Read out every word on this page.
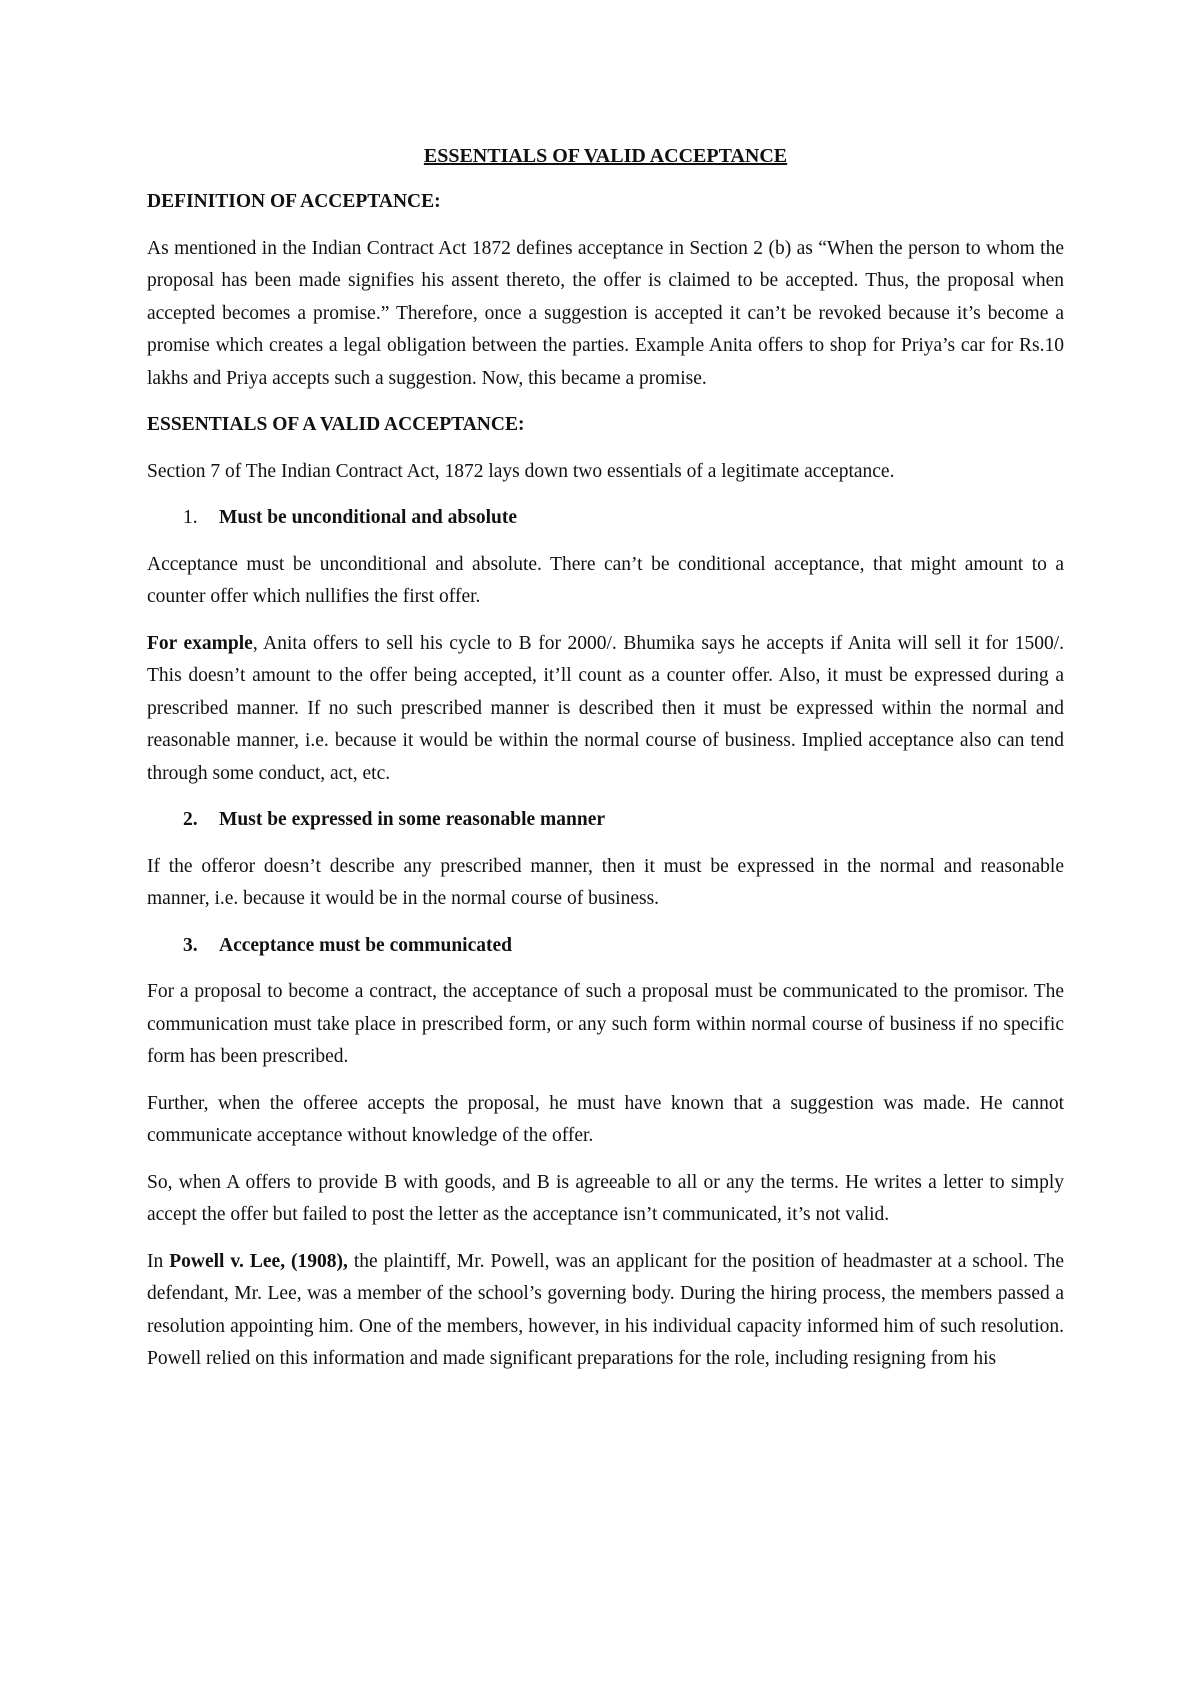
ESSENTIALS OF VALID ACCEPTANCE
DEFINITION OF ACCEPTANCE:

As mentioned in the Indian Contract Act 1872 defines acceptance in Section 2 (b) as “When the person to whom the proposal has been made signifies his assent thereto, the offer is claimed to be accepted. Thus, the proposal when accepted becomes a promise.” Therefore, once a suggestion is accepted it can’t be revoked because it’s become a promise which creates a legal obligation between the parties. Example Anita offers to shop for Priya’s car for Rs.10 lakhs and Priya accepts such a suggestion. Now, this became a promise.

ESSENTIALS OF A VALID ACCEPTANCE:

Section 7 of The Indian Contract Act, 1872 lays down two essentials of a legitimate acceptance.

1.	Must be unconditional and absolute

Acceptance must be unconditional and absolute. There can’t be conditional acceptance, that might amount to a counter offer which nullifies the first offer.

For example, Anita offers to sell his cycle to B for 2000/. Bhumika says he accepts if Anita will sell it for 1500/. This doesn’t amount to the offer being accepted, it’ll count as a counter offer. Also, it must be expressed during a prescribed manner. If no such prescribed manner is described then it must be expressed within the normal and reasonable manner, i.e. because it would be within the normal course of business. Implied acceptance also can tend through some conduct, act, etc.

2.	Must be expressed in some reasonable manner

If the offeror doesn’t describe any prescribed manner, then it must be expressed in the normal and reasonable manner, i.e. because it would be in the normal course of business.

3.	Acceptance must be communicated

For a proposal to become a contract, the acceptance of such a proposal must be communicated to the promisor. The communication must take place in prescribed form, or any such form within normal course of business if no specific form has been prescribed.

Further, when the offeree accepts the proposal, he must have known that a suggestion was made. He cannot communicate acceptance without knowledge of the offer.

So, when A offers to provide B with goods, and B is agreeable to all or any the terms. He writes a letter to simply accept the offer but failed to post the letter as the acceptance isn’t communicated, it’s not valid.

In Powell v. Lee, (1908), the plaintiff, Mr. Powell, was an applicant for the position of headmaster at a school. The defendant, Mr. Lee, was a member of the school’s governing body. During the hiring process, the members passed a resolution appointing him. One of the members, however, in his individual capacity informed him of such resolution. Powell relied on this information and made significant preparations for the role, including resigning from his
